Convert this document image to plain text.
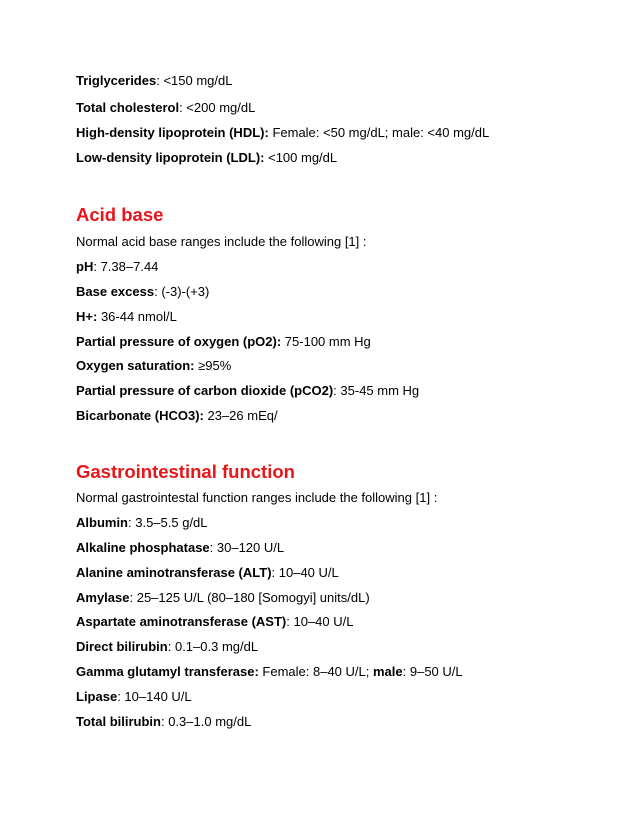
Triglycerides: <150 mg/dL
Total cholesterol: <200 mg/dL
High-density lipoprotein (HDL): Female: <50 mg/dL; male: <40 mg/dL
Low-density lipoprotein (LDL): <100 mg/dL
Acid base
Normal acid base ranges include the following [1] :
pH: 7.38–7.44
Base excess: (-3)-(+3)
H+: 36-44 nmol/L
Partial pressure of oxygen (pO2): 75-100 mm Hg
Oxygen saturation: ≥95%
Partial pressure of carbon dioxide (pCO2): 35-45 mm Hg
Bicarbonate (HCO3): 23–26 mEq/
Gastrointestinal function
Normal gastrointestal function ranges include the following [1] :
Albumin: 3.5–5.5 g/dL
Alkaline phosphatase: 30–120 U/L
Alanine aminotransferase (ALT): 10–40 U/L
Amylase: 25–125 U/L (80–180 [Somogyi] units/dL)
Aspartate aminotransferase (AST): 10–40 U/L
Direct bilirubin: 0.1–0.3 mg/dL
Gamma glutamyl transferase: Female: 8–40 U/L; male: 9–50 U/L
Lipase: 10–140 U/L
Total bilirubin: 0.3–1.0 mg/dL
